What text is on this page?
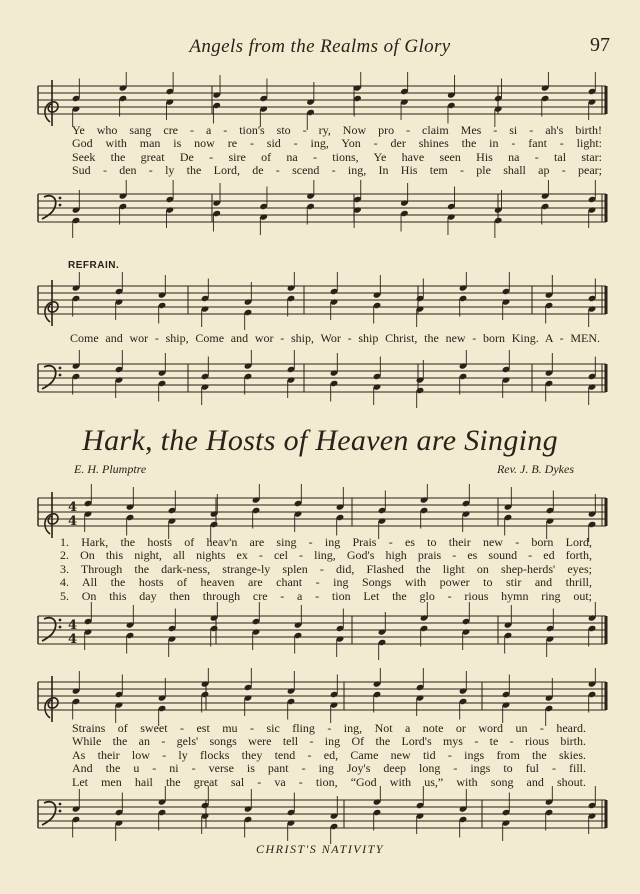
Angels from the Realms of Glory	97
Ye who sang cre - a - tion's sto - ry, Now pro - claim Mes - si - ah's birth!
God with man is now re - sid - ing, Yon - der shines the in - fant - light:
Seek the great De - sire of na - tions, Ye have seen His na - tal star:
Sud - den - ly the Lord, de - scend - ing, In His tem - ple shall ap - pear;
REFRAIN.
Come and wor - ship, Come and wor - ship, Wor - ship Christ, the new - born King. A - MEN.
Hark, the Hosts of Heaven are Singing
E. H. Plumptre	Rev. J. B. Dykes
4
4
1. Hark, the hosts of heav'n are sing - ing Prais - es to their new - born Lord,
2. On this night, all nights ex - cel - ling, God's high prais - es sound - ed forth,
3. Through the dark-ness, strange-ly splen - did, Flashed the light on shep-herds' eyes;
4. All the hosts of heaven are chant - ing Songs with power to stir and thrill,
5. On this day then through cre - a - tion Let the glo - rious hymn ring out;
4
4
Strains of sweet - est mu - sic fling - ing, Not a note or word un - heard.
While the an - gels' songs were tell - ing Of the Lord's mys - te - rious birth.
As their low - ly flocks they tend - ed, Came new tid - ings from the skies.
And the u - ni - verse is pant - ing Joy's deep long - ings to ful - fill.
Let men hail the great sal - va - tion, “God with us,” with song and shout.
CHRIST'S NATIVITY
